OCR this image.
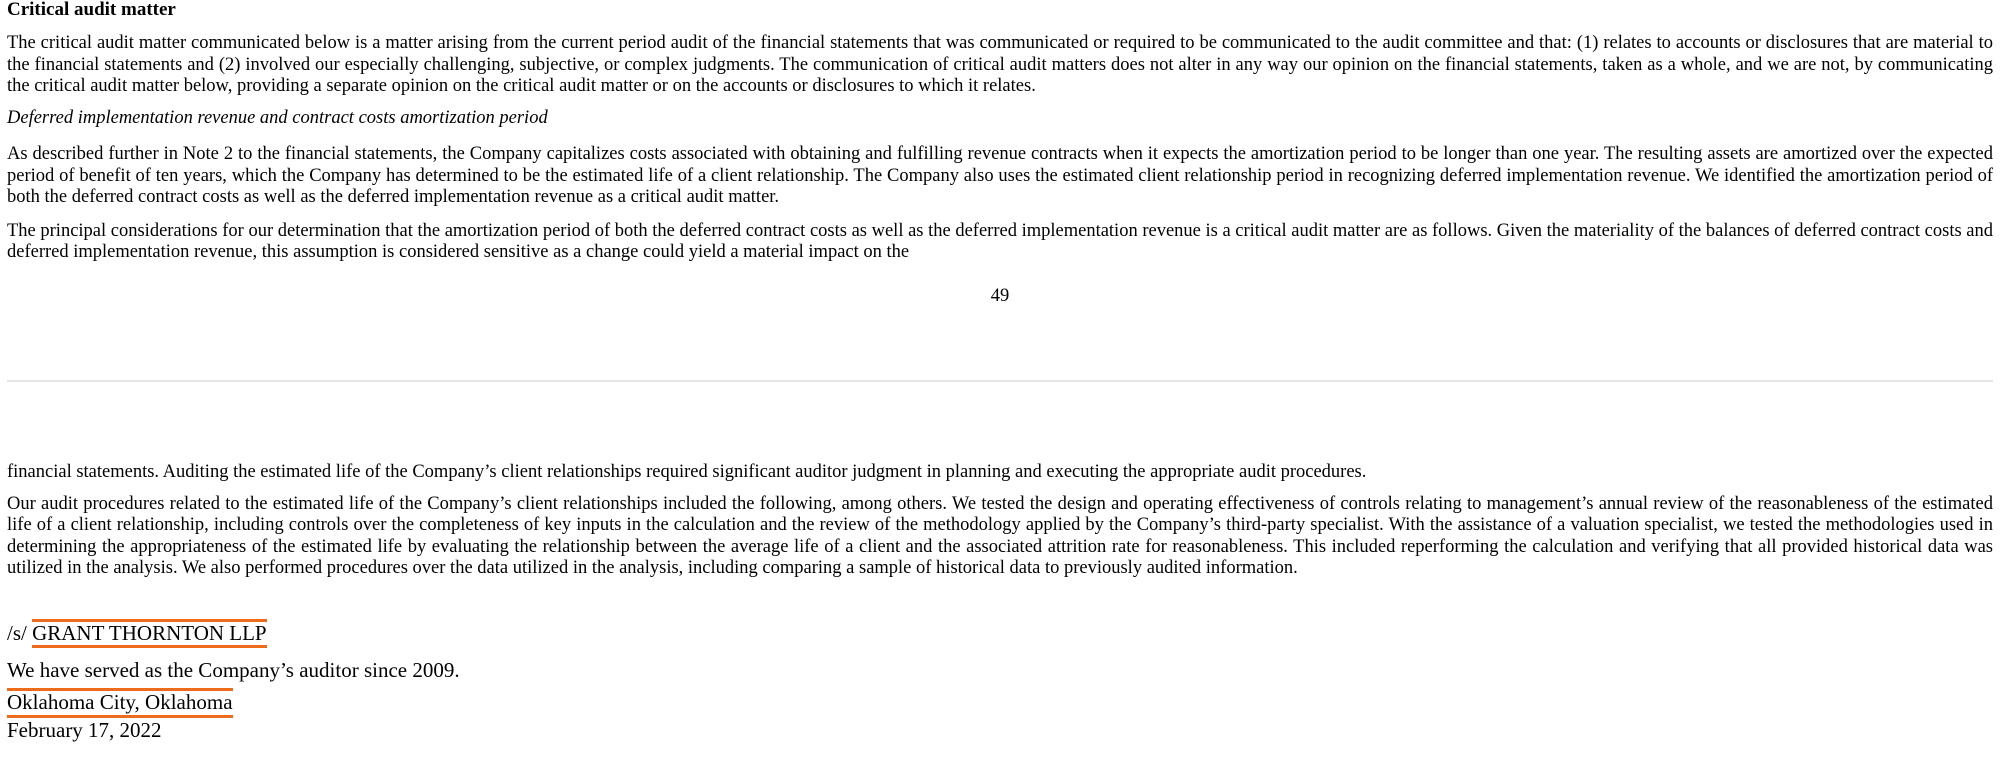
Critical audit matter

The critical audit matter communicated below is a matter arising from the current period audit of the financial statements that was communicated or required to be communicated to the audit committee and that: (1) relates to accounts or disclosures that are material to the financial statements and (2) involved our especially challenging, subjective, or complex judgments. The communication of critical audit matters does not alter in any way our opinion on the financial statements, taken as a whole, and we are not, by communicating the critical audit matter below, providing a separate opinion on the critical audit matter or on the accounts or disclosures to which it relates.

Deferred implementation revenue and contract costs amortization period

As described further in Note 2 to the financial statements, the Company capitalizes costs associated with obtaining and fulfilling revenue contracts when it expects the amortization period to be longer than one year. The resulting assets are amortized over the expected period of benefit of ten years, which the Company has determined to be the estimated life of a client relationship. The Company also uses the estimated client relationship period in recognizing deferred implementation revenue. We identified the amortization period of both the deferred contract costs as well as the deferred implementation revenue as a critical audit matter.

The principal considerations for our determination that the amortization period of both the deferred contract costs as well as the deferred implementation revenue is a critical audit matter are as follows. Given the materiality of the balances of deferred contract costs and deferred implementation revenue, this assumption is considered sensitive as a change could yield a material impact on the

49

financial statements. Auditing the estimated life of the Company’s client relationships required significant auditor judgment in planning and executing the appropriate audit procedures.

Our audit procedures related to the estimated life of the Company’s client relationships included the following, among others. We tested the design and operating effectiveness of controls relating to management’s annual review of the reasonableness of the estimated life of a client relationship, including controls over the completeness of key inputs in the calculation and the review of the methodology applied by the Company’s third-party specialist. With the assistance of a valuation specialist, we tested the methodologies used in determining the appropriateness of the estimated life by evaluating the relationship between the average life of a client and the associated attrition rate for reasonableness. This included reperforming the calculation and verifying that all provided historical data was utilized in the analysis. We also performed procedures over the data utilized in the analysis, including comparing a sample of historical data to previously audited information.

/s/ GRANT THORNTON LLP
We have served as the Company’s auditor since 2009.
Oklahoma City, Oklahoma
February 17, 2022
